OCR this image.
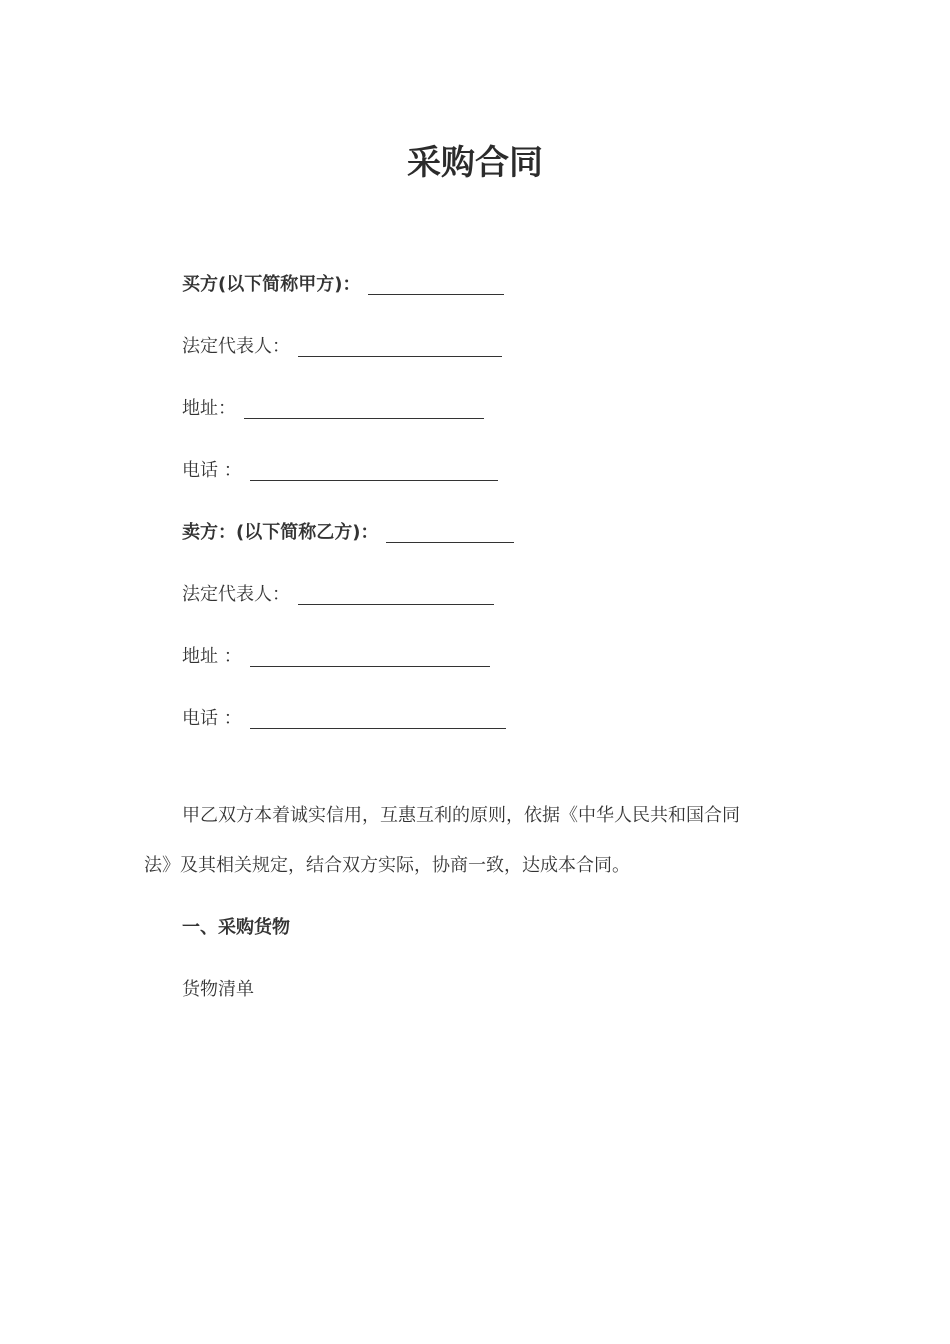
采购合同
买方(以下简称甲方)：
法定代表人：
地址：
电话 ：
卖方：(以下简称乙方)：
法定代表人：
地址 ：
电话 ：
甲乙双方本着诚实信用，互惠互利的原则，依据《中华人民共和国合同
法》及其相关规定，结合双方实际，协商一致，达成本合同。
一、采购货物
货物清单
